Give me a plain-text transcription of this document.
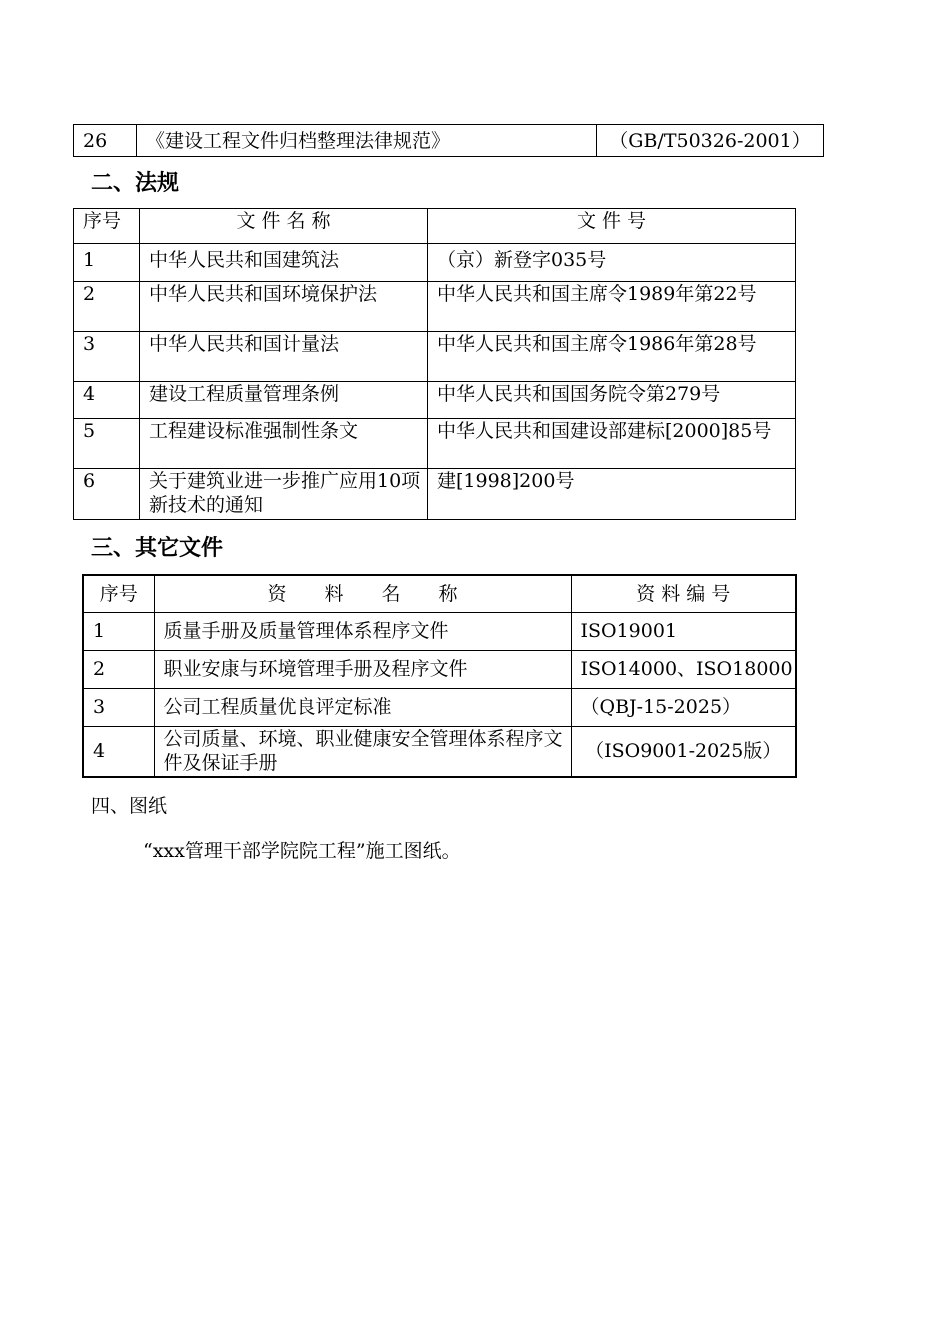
26	《建设工程文件归档整理法律规范》	（GB/T50326-2001）
二、法规
序号	文 件 名 称	文 件 号
1	中华人民共和国建筑法	（京）新登字035号
2	中华人民共和国环境保护法	中华人民共和国主席令1989年第22号
3	中华人民共和国计量法	中华人民共和国主席令1986年第28号
4	建设工程质量管理条例	中华人民共和国国务院令第279号
5	工程建设标准强制性条文	中华人民共和国建设部建标[2000]85号
6	关于建筑业进一步推广应用10项新技术的通知	建[1998]200号
三、其它文件
序号	资　　料　　名　　称	资 料 编 号
1	质量手册及质量管理体系程序文件	ISO19001
2	职业安康与环境管理手册及程序文件	ISO14000、ISO18000
3	公司工程质量优良评定标准	（QBJ-15-2025）
4	公司质量、环境、职业健康安全管理体系程序文件及保证手册	（ISO9001-2025版）
四、图纸
“xxx管理干部学院院工程”施工图纸。
